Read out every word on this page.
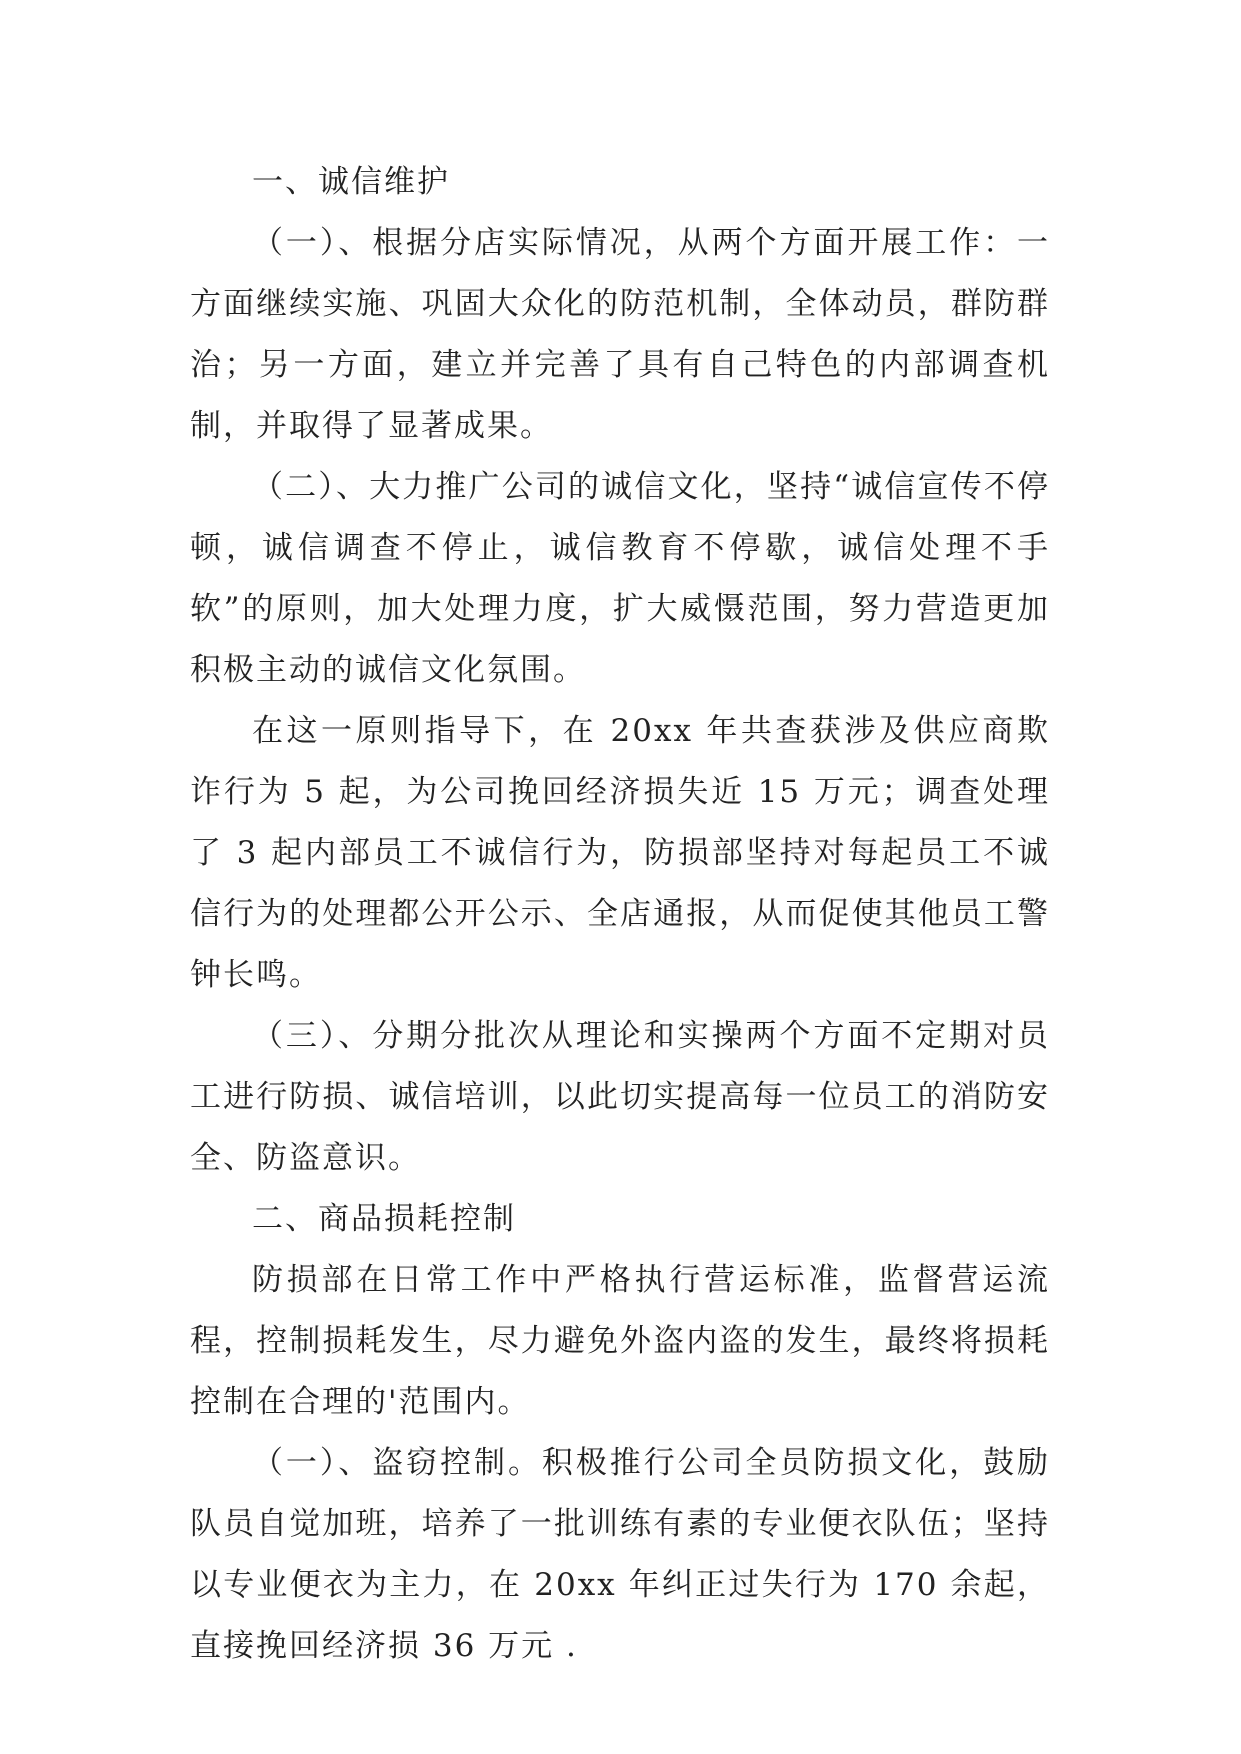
一、诚信维护

（一）、根据分店实际情况，从两个方面开展工作：一方面继续实施、巩固大众化的防范机制，全体动员，群防群治；另一方面，建立并完善了具有自己特色的内部调查机制，并取得了显著成果。

（二）、大力推广公司的诚信文化，坚持“诚信宣传不停顿，诚信调查不停止，诚信教育不停歇，诚信处理不手软”的原则，加大处理力度，扩大威慑范围，努力营造更加积极主动的诚信文化氛围。

在这一原则指导下，在 20xx 年共查获涉及供应商欺诈行为 5 起，为公司挽回经济损失近 15 万元；调查处理了 3 起内部员工不诚信行为，防损部坚持对每起员工不诚信行为的处理都公开公示、全店通报，从而促使其他员工警钟长鸣。

（三）、分期分批次从理论和实操两个方面不定期对员工进行防损、诚信培训，以此切实提高每一位员工的消防安全、防盗意识。

二、商品损耗控制

防损部在日常工作中严格执行营运标准，监督营运流程，控制损耗发生，尽力避免外盗内盗的发生，最终将损耗控制在合理的'范围内。

（一）、盗窃控制。积极推行公司全员防损文化，鼓励队员自觉加班，培养了一批训练有素的专业便衣队伍；坚持以专业便衣为主力，在 20xx 年纠正过失行为 170 余起，直接挽回经济损 36 万元 .
